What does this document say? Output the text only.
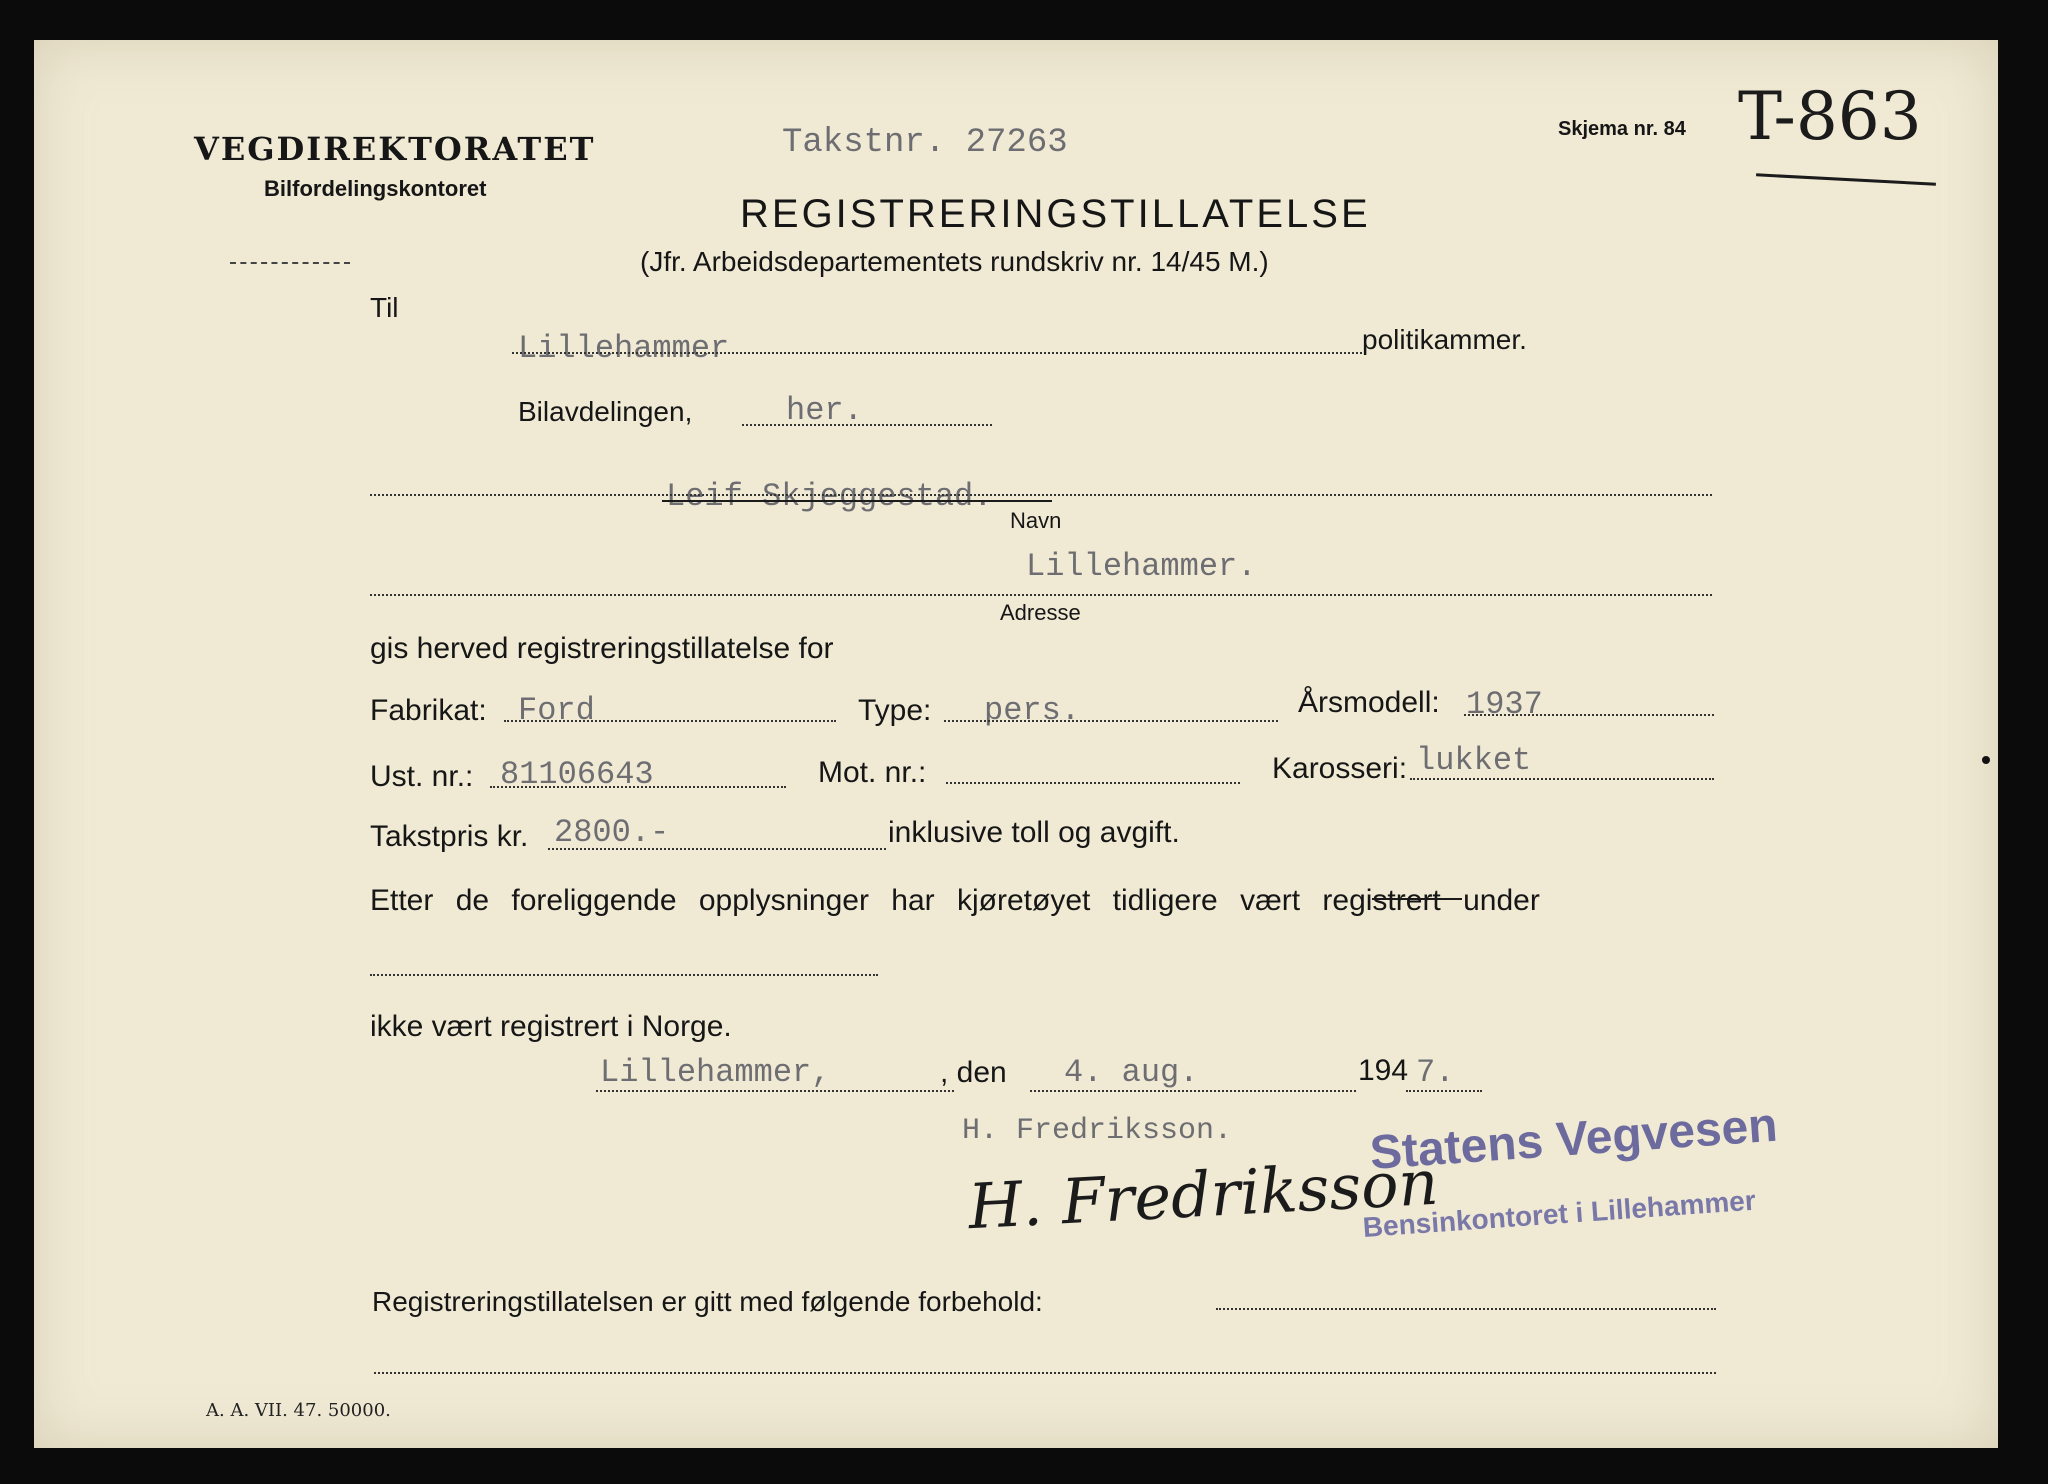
VEGDIREKTORATET
Bilfordelingskontoret
Takstnr. 27263	Skjema nr. 84 T-863
REGISTRERINGSTILLATELSE
(Jfr. Arbeidsdepartementets rundskriv nr. 14/45 M.)
Til
Lillehammer	politikammer.
Bilavdelingen,	her.
Leif Skjeggestad.
Navn
Lillehammer.
Adresse
gis herved registreringstillatelse for
Fabrikat: Ford	Type: pers.	Årsmodell: 1937
Ust. nr.: 81106643	Mot. nr.:	Karosseri: lukket
Takstpris kr. 2800.-	inklusive toll og avgift.
Etter de foreliggende opplysninger har kjøretøyet tidligere vært registrert under
ikke vært registrert i Norge.
Lillehammer,	, den 4. aug.	194 7.
H. Fredriksson.
H. Fredriksson
Statens Vegvesen
Bensinkontoret i Lillehammer
Registreringstillatelsen er gitt med følgende forbehold:
A. A. VII. 47. 50000.
